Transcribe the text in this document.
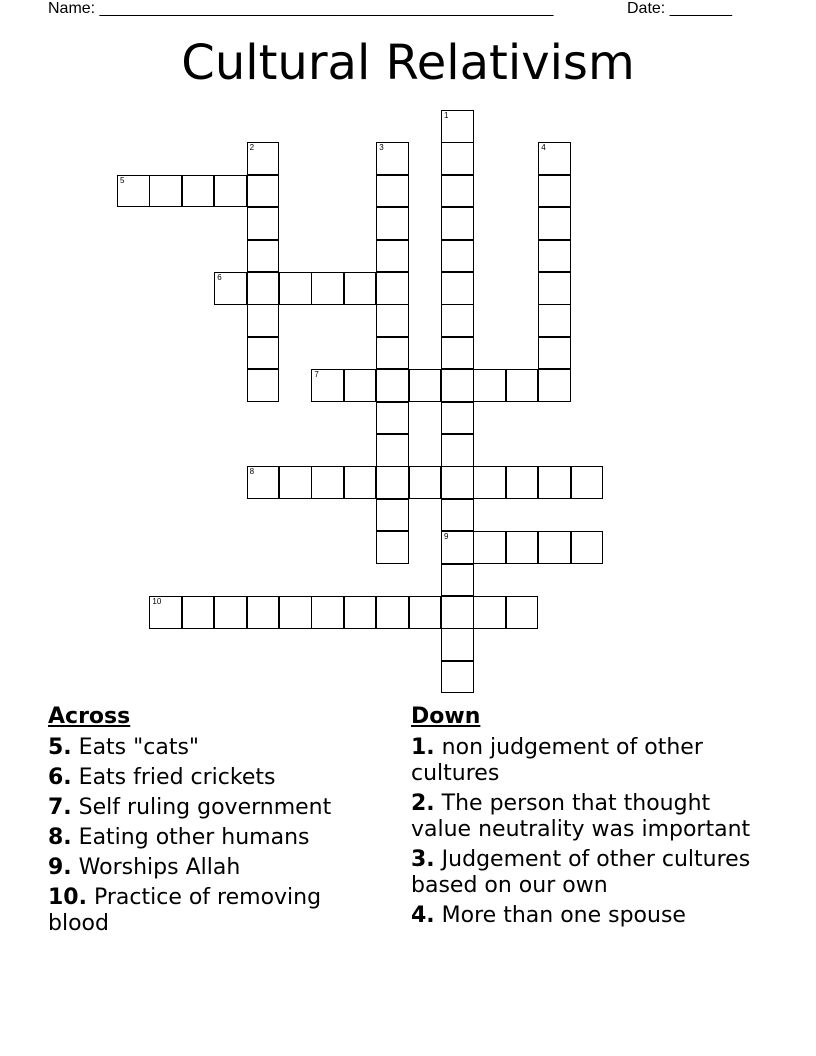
Name: ___________________________________________________	Date: _______
Cultural Relativism
1
9
2	3	4
5
6
7
8
10
Across
5. Eats "cats"
6. Eats fried crickets
7. Self ruling government
8. Eating other humans
9. Worships Allah
10. Practice of removing blood
Down
1. non judgement of other cultures
2. The person that thought value neutrality was important
3. Judgement of other cultures based on our own
4. More than one spouse
